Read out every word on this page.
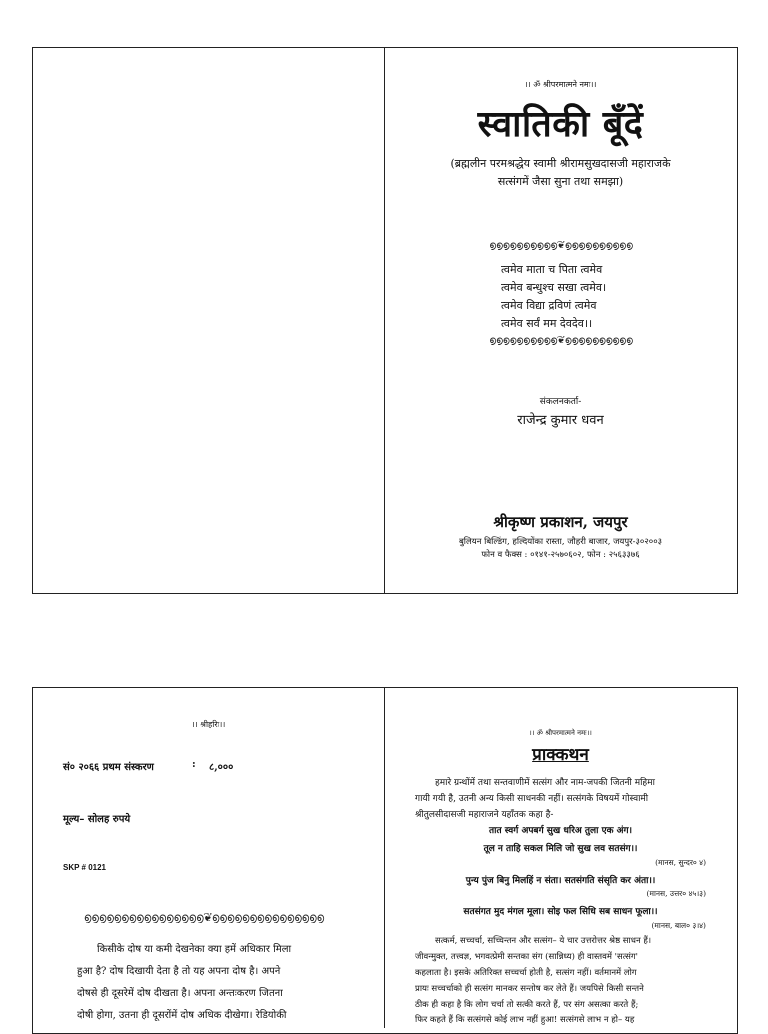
।। ॐ श्रीपरमात्मने नमः।।
स्वातिकी बूँदें
(ब्रह्मलीन परमश्रद्धेय स्वामी श्रीरामसुखदासजी महाराजके
सत्संगमें जैसा सुना तथा समझा)
൭൭൭൭൭൭൭൭൭൭❦൭൭൭൭൭൭൭൭൭൭
त्वमेव माता च पिता त्वमेव
त्वमेव बन्धुश्च सखा त्वमेव।
त्वमेव विद्या द्रविणं त्वमेव
त्वमेव सर्वं मम देवदेव।।
൭൭൭൭൭൭൭൭൭൭❦൭൭൭൭൭൭൭൭൭൭
संकलनकर्ता-
राजेन्द्र कुमार धवन
श्रीकृष्ण प्रकाशन, जयपुर
बुलियन बिल्डिंग, हल्दियोंका रास्ता, जौहरी बाजार, जयपुर-३०२००३
फोन व फैक्स : ०१४१-२५७०६०२, फोन : २५६३३७६
।। श्रीहरिः।।
सं० २०६६ प्रथम संस्करण	: ८,०००
मूल्य– सोलह रुपये
SKP # 0121
൭൭൭൭൭൭൭൭൭൭൭൭൭൭൭൭❦൭൭൭൭൭൭൭൭൭൭൭൭൭൭൭
किसीके दोष या कमी देखनेका क्या हमें अधिकार मिला
हुआ है? दोष दिखायी देता है तो यह अपना दोष है। अपने
दोषसे ही दूसरेमें दोष दीखता है। अपना अन्तःकरण जितना
दोषी होगा, उतना ही दूसरोंमें दोष अधिक दीखेगा। रेडियोकी
।। ॐ श्रीपरमात्मने नमः।।
प्राक्कथन
हमारे ग्रन्थोंमें तथा सन्तवाणीमें सत्संग और नाम-जपकी जितनी महिमा
गायी गयी है, उतनी अन्य किसी साधनकी नहीं। सत्संगके विषयमें गोस्वामी
श्रीतुलसीदासजी महाराजने यहाँतक कहा है-
तात स्वर्ग अपबर्ग सुख धरिअ तुला एक अंग।
तूल न ताहि सकल मिलि जो सुख लव सतसंग।।
(मानस, सुन्दर० ४)
पुन्य पुंज बिनु मिलहिं न संता। सतसंगति संसृति कर अंता।।
(मानस, उत्तर० ४५।३)
सतसंगत मुद मंगल मूला। सोइ फल सिधि सब साधन फूला।।
(मानस, बाल० ३।४)
सत्कर्म, सच्चर्चा, सच्चिन्तन और सत्संग– ये चार उत्तरोत्तर श्रेष्ठ साधन हैं।
जीवन्मुक्त, तत्त्वज्ञ, भगवत्प्रेमी सन्तका संग (सान्निध्य) ही वास्तवमें 'सत्संग'
कहलाता है। इसके अतिरिक्त सच्चर्चा होती है, सत्संग नहीं। वर्तमानमें लोग
प्रायः सच्चर्चाको ही सत्संग मानकर सन्तोष कर लेते हैं। जयपिसे किसी सन्तने
ठीक ही कहा है कि लोग चर्चा तो सत्की करते हैं, पर संग असत्का करते हैं;
फिर कहते हैं कि सत्संगसे कोई लाभ नहीं हुआ! सत्संगसे लाभ न हो– यह
